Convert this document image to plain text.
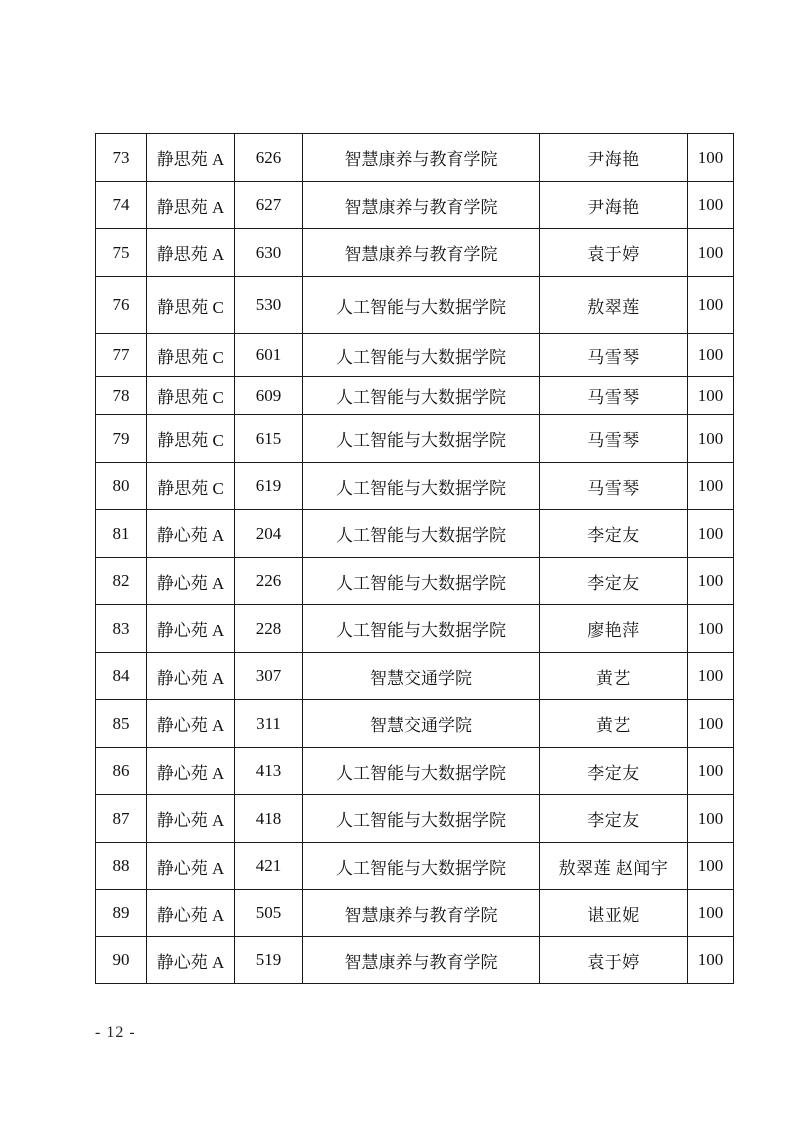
73	静思苑 A	626	智慧康养与教育学院	尹海艳	100
74	静思苑 A	627	智慧康养与教育学院	尹海艳	100
75	静思苑 A	630	智慧康养与教育学院	袁于婷	100
76	静思苑 C	530	人工智能与大数据学院	敖翠莲	100
77	静思苑 C	601	人工智能与大数据学院	马雪琴	100
78	静思苑 C	609	人工智能与大数据学院	马雪琴	100
79	静思苑 C	615	人工智能与大数据学院	马雪琴	100
80	静思苑 C	619	人工智能与大数据学院	马雪琴	100
81	静心苑 A	204	人工智能与大数据学院	李定友	100
82	静心苑 A	226	人工智能与大数据学院	李定友	100
83	静心苑 A	228	人工智能与大数据学院	廖艳萍	100
84	静心苑 A	307	智慧交通学院	黄艺	100
85	静心苑 A	311	智慧交通学院	黄艺	100
86	静心苑 A	413	人工智能与大数据学院	李定友	100
87	静心苑 A	418	人工智能与大数据学院	李定友	100
88	静心苑 A	421	人工智能与大数据学院	敖翠莲 赵闻宇	100
89	静心苑 A	505	智慧康养与教育学院	谌亚妮	100
90	静心苑 A	519	智慧康养与教育学院	袁于婷	100
- 12 -
